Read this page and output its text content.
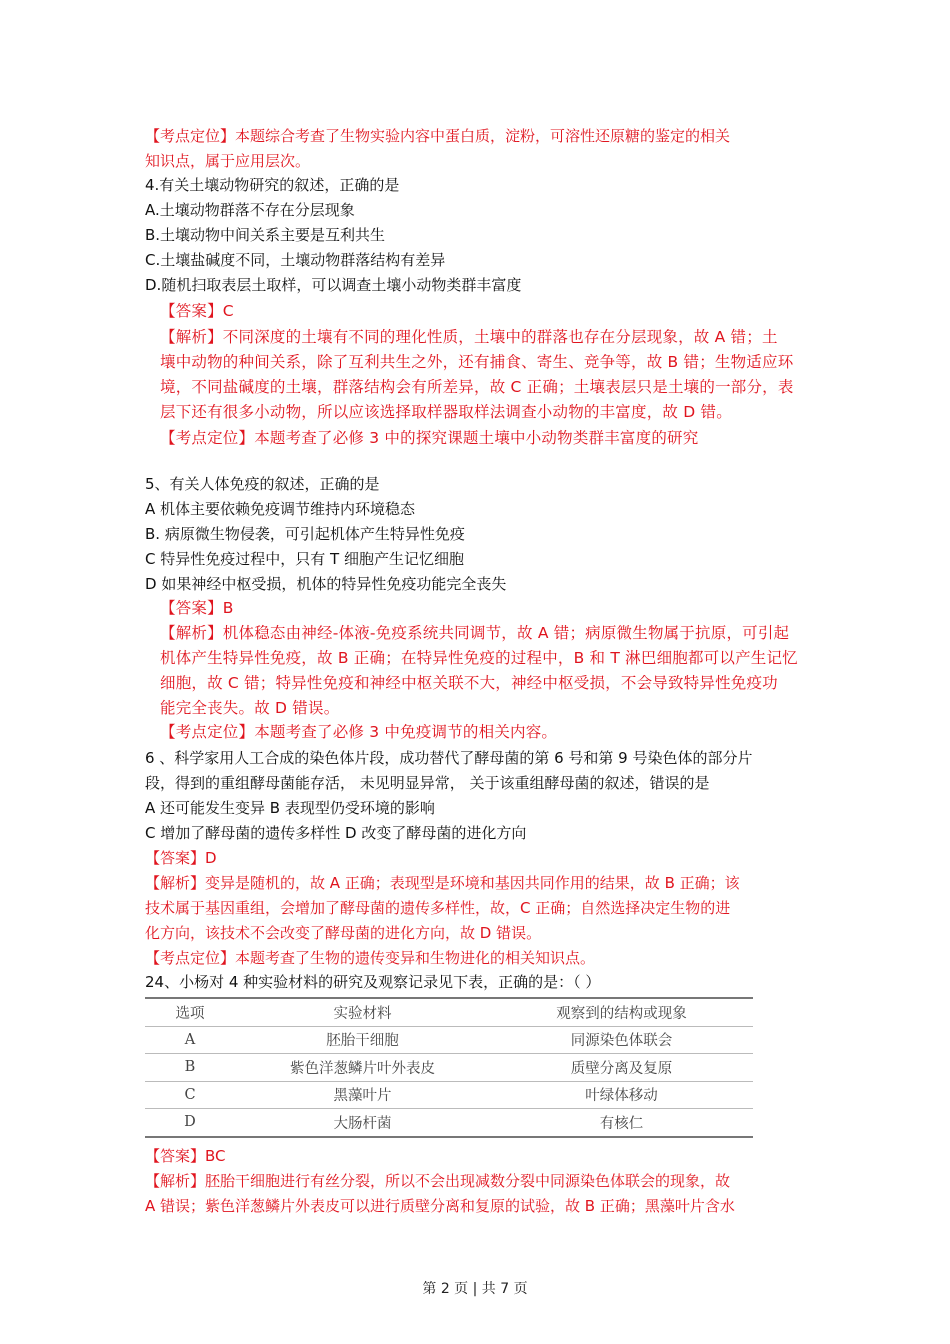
【考点定位】本题综合考查了生物实验内容中蛋白质，淀粉，可溶性还原糖的鉴定的相关
知识点，属于应用层次。
4.有关土壤动物研究的叙述，正确的是
A.土壤动物群落不存在分层现象
B.土壤动物中间关系主要是互利共生
C.土壤盐碱度不同，土壤动物群落结构有差异
D.随机扫取表层土取样，可以调查土壤小动物类群丰富度
【答案】C
【解析】不同深度的土壤有不同的理化性质，土壤中的群落也存在分层现象，故 A 错；土
壤中动物的种间关系，除了互利共生之外，还有捕食、寄生、竞争等，故 B 错；生物适应环
境，不同盐碱度的土壤，群落结构会有所差异，故 C 正确；土壤表层只是土壤的一部分，表
层下还有很多小动物，所以应该选择取样器取样法调查小动物的丰富度，故 D 错。
【考点定位】本题考查了必修 3 中的探究课题土壤中小动物类群丰富度的研究
5、有关人体免疫的叙述，正确的是
A 机体主要依赖免疫调节维持内环境稳态
B. 病原微生物侵袭，可引起机体产生特异性免疫
C 特异性免疫过程中，只有 T 细胞产生记忆细胞
D 如果神经中枢受损，机体的特异性免疫功能完全丧失
【答案】B
【解析】机体稳态由神经-体液-免疫系统共同调节，故 A 错；病原微生物属于抗原，可引起
机体产生特异性免疫，故 B 正确；在特异性免疫的过程中，B 和 T 淋巴细胞都可以产生记忆
细胞，故 C 错；特异性免疫和神经中枢关联不大，神经中枢受损，不会导致特异性免疫功
能完全丧失。故 D 错误。
【考点定位】本题考查了必修 3 中免疫调节的相关内容。
6 、科学家用人工合成的染色体片段，成功替代了酵母菌的第 6 号和第 9 号染色体的部分片
段，得到的重组酵母菌能存活， 未见明显异常， 关于该重组酵母菌的叙述，错误的是
A 还可能发生变异 B 表现型仍受环境的影响
C 增加了酵母菌的遗传多样性 D 改变了酵母菌的进化方向
【答案】D
【解析】变异是随机的，故 A 正确；表现型是环境和基因共同作用的结果，故 B 正确；该
技术属于基因重组，会增加了酵母菌的遗传多样性，故，C 正确；自然选择决定生物的进
化方向，该技术不会改变了酵母菌的进化方向，故 D 错误。
【考点定位】本题考查了生物的遗传变异和生物进化的相关知识点。
24、小杨对 4 种实验材料的研究及观察记录见下表，正确的是：（ ）
选项	实验材料	观察到的结构或现象
A	胚胎干细胞	同源染色体联会
B	紫色洋葱鳞片叶外表皮	质壁分离及复原
C	黑藻叶片	叶绿体移动
D	大肠杆菌	有核仁
【答案】BC
【解析】胚胎干细胞进行有丝分裂，所以不会出现减数分裂中同源染色体联会的现象，故
A 错误；紫色洋葱鳞片外表皮可以进行质壁分离和复原的试验，故 B 正确；黑藻叶片含水
第 2 页 | 共 7 页
